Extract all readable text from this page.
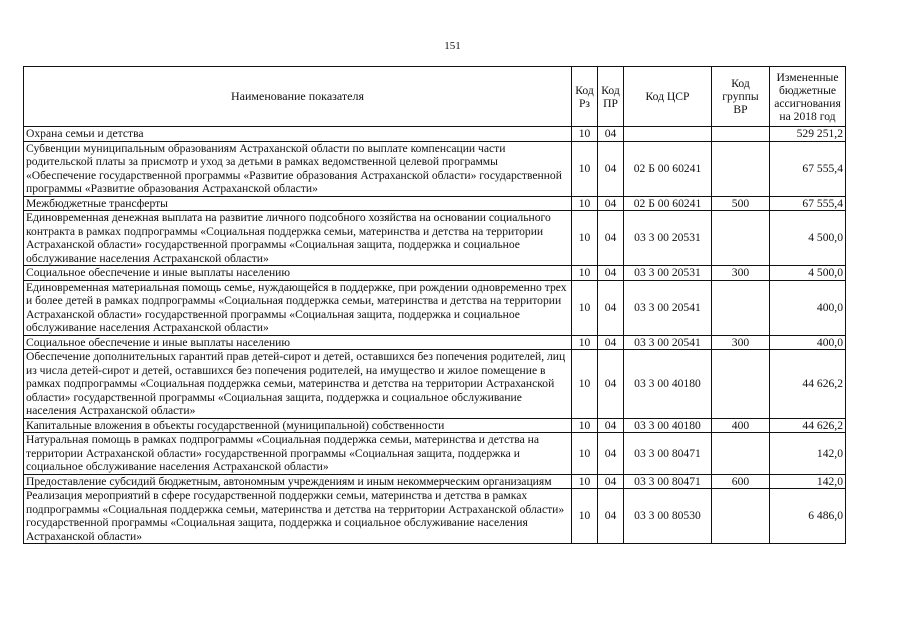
151
Наименование показателя	Код Рз	Код ПР	Код ЦСР	Код группы ВР	Измененные бюджетные ассигнования на 2018 год
Охрана семьи и детства	10	04			529 251,2
Субвенции муниципальным образованиям Астраханской области по выплате компенсации части родительской платы за присмотр и уход за детьми в рамках ведомственной целевой программы «Обеспечение государственной программы «Развитие образования Астраханской области» государственной программы «Развитие образования Астраханской области»	10	04	02 Б 00 60241		67 555,4
Межбюджетные трансферты	10	04	02 Б 00 60241	500	67 555,4
Единовременная денежная выплата на развитие личного подсобного хозяйства на основании социального контракта в рамках подпрограммы «Социальная поддержка семьи, материнства и детства на территории Астраханской области» государственной программы «Социальная защита, поддержка и социальное обслуживание населения Астраханской области»	10	04	03 3 00 20531		4 500,0
Социальное обеспечение и иные выплаты населению	10	04	03 3 00 20531	300	4 500,0
Единовременная материальная помощь семье, нуждающейся в поддержке, при рождении одновременно трех и более детей в рамках подпрограммы «Социальная поддержка семьи, материнства и детства на территории Астраханской области» государственной программы «Социальная защита, поддержка и социальное обслуживание населения Астраханской области»	10	04	03 3 00 20541		400,0
Социальное обеспечение и иные выплаты населению	10	04	03 3 00 20541	300	400,0
Обеспечение дополнительных гарантий прав детей-сирот и детей, оставшихся без попечения родителей, лиц из числа детей-сирот и детей, оставшихся без попечения родителей, на имущество и жилое помещение в рамках подпрограммы «Социальная поддержка семьи, материнства и детства на территории Астраханской области» государственной программы «Социальная защита, поддержка и социальное обслуживание населения Астраханской области»	10	04	03 3 00 40180		44 626,2
Капитальные вложения в объекты государственной (муниципальной) собственности	10	04	03 3 00 40180	400	44 626,2
Натуральная помощь в рамках подпрограммы «Социальная поддержка семьи, материнства и детства на территории Астраханской области» государственной программы «Социальная защита, поддержка и социальное обслуживание населения Астраханской области»	10	04	03 3 00 80471		142,0
Предоставление субсидий бюджетным, автономным учреждениям и иным некоммерческим организациям	10	04	03 3 00 80471	600	142,0
Реализация мероприятий в сфере государственной поддержки семьи, материнства и детства в рамках подпрограммы «Социальная поддержка семьи, материнства и детства на территории Астраханской области» государственной программы «Социальная защита, поддержка и социальное обслуживание населения Астраханской области»	10	04	03 3 00 80530		6 486,0
